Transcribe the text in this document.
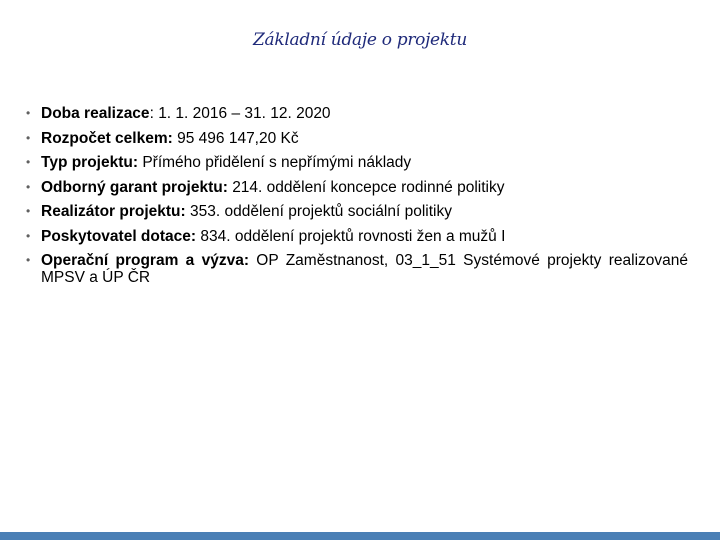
Základní údaje o projektu
• Doba realizace: 1. 1. 2016 – 31. 12. 2020
• Rozpočet celkem: 95 496 147,20 Kč
• Typ projektu: Přímého přidělení s nepřímými náklady
• Odborný garant projektu: 214. oddělení koncepce rodinné politiky
• Realizátor projektu: 353. oddělení projektů sociální politiky
• Poskytovatel dotace: 834. oddělení projektů rovnosti žen a mužů I
• Operační program a výzva: OP Zaměstnanost, 03_1_51 Systémové projekty realizované MPSV a ÚP ČR
